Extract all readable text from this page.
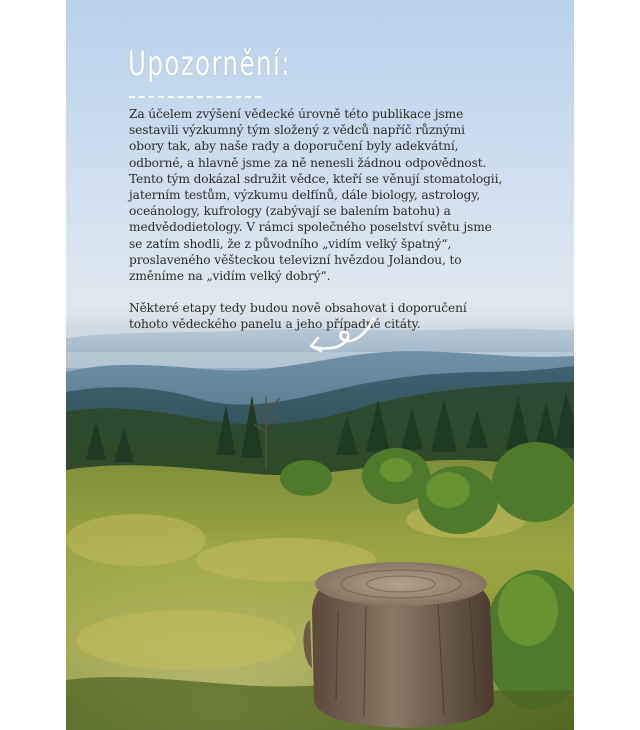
Upozornění:

Za účelem zvýšení vědecké úrovně této publikace jsme sestavili výzkumný tým složený z vědců napříč různými obory tak, aby naše rady a doporučení byly adekvátní, odborné, a hlavně jsme za ně nenesli žádnou odpovědnost. Tento tým dokázal sdružit vědce, kteří se věnují stomatologii, jaterním testům, výzkumu delfínů, dále biology, astrology, oceánology, kufrology (zabývají se balením batohu) a medvědodietology. V rámci společného poselství světu jsme se zatím shodli, že z původního „vidím velký špatný“, proslaveného věšteckou televizní hvězdou Jolandou, to změníme na „vidím velký dobrý“.

Některé etapy tedy budou nově obsahovat i doporučení tohoto vědeckého panelu a jeho případné citáty.
